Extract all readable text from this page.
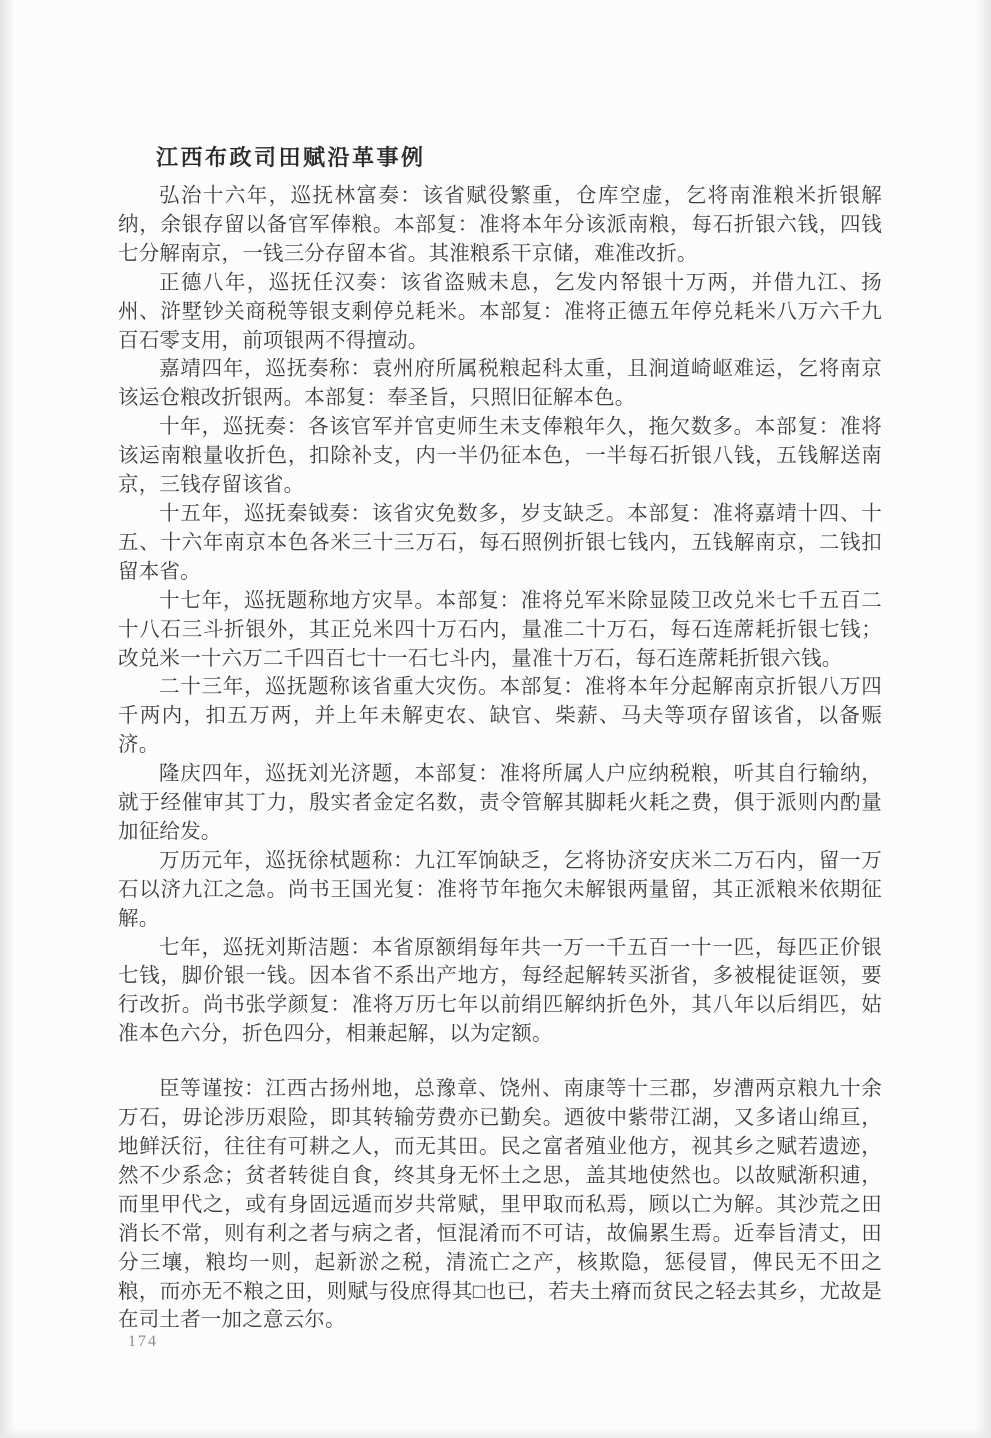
江西布政司田赋沿革事例

弘治十六年，巡抚林富奏：该省赋役繁重，仓库空虚，乞将南淮粮米折银解纳，余银存留以备官军俸粮。本部复：准将本年分该派南粮，每石折银六钱，四钱七分解南京，一钱三分存留本省。其淮粮系干京储，难准改折。

正德八年，巡抚任汉奏：该省盗贼未息，乞发内帑银十万两，并借九江、扬州、浒墅钞关商税等银支剩停兑耗米。本部复：准将正德五年停兑耗米八万六千九百石零支用，前项银两不得擅动。

嘉靖四年，巡抚奏称：袁州府所属税粮起科太重，且涧道崎岖难运，乞将南京该运仓粮改折银两。本部复：奉圣旨，只照旧征解本色。

十年，巡抚奏：各该官军并官吏师生未支俸粮年久，拖欠数多。本部复：准将该运南粮量收折色，扣除补支，内一半仍征本色，一半每石折银八钱，五钱解送南京，三钱存留该省。

十五年，巡抚秦钺奏：该省灾免数多，岁支缺乏。本部复：准将嘉靖十四、十五、十六年南京本色各米三十三万石，每石照例折银七钱内，五钱解南京，二钱扣留本省。

十七年，巡抚题称地方灾旱。本部复：准将兑军米除显陵卫改兑米七千五百二十八石三斗折银外，其正兑米四十万石内，量准二十万石，每石连蓆耗折银七钱；改兑米一十六万二千四百七十一石七斗内，量准十万石，每石连蓆耗折银六钱。

二十三年，巡抚题称该省重大灾伤。本部复：准将本年分起解南京折银八万四千两内，扣五万两，并上年未解吏农、缺官、柴薪、马夫等项存留该省，以备赈济。

隆庆四年，巡抚刘光济题，本部复：准将所属人户应纳税粮，听其自行输纳，就于经催审其丁力，殷实者金定名数，责令管解其脚耗火耗之费，俱于派则内酌量加征给发。

万历元年，巡抚徐栻题称：九江军饷缺乏，乞将协济安庆米二万石内，留一万石以济九江之急。尚书王国光复：准将节年拖欠未解银两量留，其正派粮米依期征解。

七年，巡抚刘斯洁题：本省原额绢每年共一万一千五百一十一匹，每匹正价银七钱，脚价银一钱。因本省不系出产地方，每经起解转买浙省，多被棍徒诓领，要行改折。尚书张学颜复：准将万历七年以前绢匹解纳折色外，其八年以后绢匹，姑准本色六分，折色四分，相兼起解，以为定额。

臣等谨按：江西古扬州地，总豫章、饶州、南康等十三郡，岁漕两京粮九十余万石，毋论涉历艰险，即其转输劳费亦已勤矣。迺彼中紫带江湖，又多诸山绵亘，地鲜沃衍，往往有可耕之人，而无其田。民之富者殖业他方，视其乡之赋若遗迹，然不少系念；贫者转徙自食，终其身无怀土之思，盖其地使然也。以故赋渐积逋，而里甲代之，或有身固远遁而岁共常赋，里甲取而私焉，顾以亡为解。其沙荒之田消长不常，则有利之者与病之者，恒混淆而不可诘，故偏累生焉。近奉旨清丈，田分三壤，粮均一则，起新淤之税，清流亡之产，核欺隐，惩侵冒，俾民无不田之粮，而亦无不粮之田，则赋与役庶得其□也已，若夫土瘠而贫民之轻去其乡，尤故是在司土者一加之意云尔。

174
